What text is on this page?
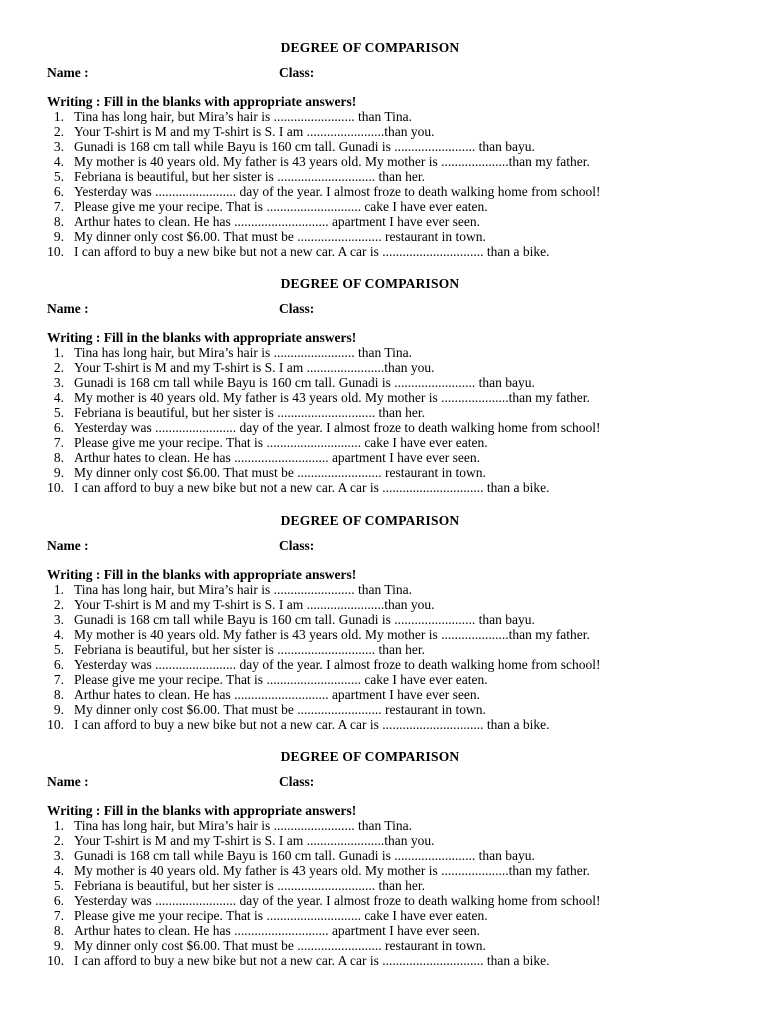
DEGREE OF COMPARISON
Name :	Class:
Writing : Fill in the blanks with appropriate answers!
1. Tina has long hair, but Mira’s hair is ........................ than Tina.
2. Your T-shirt is M and my T-shirt is S. I am .......................than you.
3. Gunadi is 168 cm tall while Bayu is 160 cm tall. Gunadi is ........................ than bayu.
4. My mother is 40 years old. My father is 43 years old. My mother is ....................than my father.
5. Febriana is beautiful, but her sister is ............................. than her.
6. Yesterday was ........................ day of the year. I almost froze to death walking home from school!
7. Please give me your recipe. That is ............................ cake I have ever eaten.
8. Arthur hates to clean. He has ............................ apartment I have ever seen.
9. My dinner only cost $6.00. That must be ......................... restaurant in town.
10. I can afford to buy a new bike but not a new car. A car is .............................. than a bike.
DEGREE OF COMPARISON
Name :	Class:
Writing : Fill in the blanks with appropriate answers!
1. Tina has long hair, but Mira’s hair is ........................ than Tina.
2. Your T-shirt is M and my T-shirt is S. I am .......................than you.
3. Gunadi is 168 cm tall while Bayu is 160 cm tall. Gunadi is ........................ than bayu.
4. My mother is 40 years old. My father is 43 years old. My mother is ....................than my father.
5. Febriana is beautiful, but her sister is ............................. than her.
6. Yesterday was ........................ day of the year. I almost froze to death walking home from school!
7. Please give me your recipe. That is ............................ cake I have ever eaten.
8. Arthur hates to clean. He has ............................ apartment I have ever seen.
9. My dinner only cost $6.00. That must be ......................... restaurant in town.
10. I can afford to buy a new bike but not a new car. A car is .............................. than a bike.
DEGREE OF COMPARISON
Name :	Class:
Writing : Fill in the blanks with appropriate answers!
1. Tina has long hair, but Mira’s hair is ........................ than Tina.
2. Your T-shirt is M and my T-shirt is S. I am .......................than you.
3. Gunadi is 168 cm tall while Bayu is 160 cm tall. Gunadi is ........................ than bayu.
4. My mother is 40 years old. My father is 43 years old. My mother is ....................than my father.
5. Febriana is beautiful, but her sister is ............................. than her.
6. Yesterday was ........................ day of the year. I almost froze to death walking home from school!
7. Please give me your recipe. That is ............................ cake I have ever eaten.
8. Arthur hates to clean. He has ............................ apartment I have ever seen.
9. My dinner only cost $6.00. That must be ......................... restaurant in town.
10. I can afford to buy a new bike but not a new car. A car is .............................. than a bike.
DEGREE OF COMPARISON
Name :	Class:
Writing : Fill in the blanks with appropriate answers!
1. Tina has long hair, but Mira’s hair is ........................ than Tina.
2. Your T-shirt is M and my T-shirt is S. I am .......................than you.
3. Gunadi is 168 cm tall while Bayu is 160 cm tall. Gunadi is ........................ than bayu.
4. My mother is 40 years old. My father is 43 years old. My mother is ....................than my father.
5. Febriana is beautiful, but her sister is ............................. than her.
6. Yesterday was ........................ day of the year. I almost froze to death walking home from school!
7. Please give me your recipe. That is ............................ cake I have ever eaten.
8. Arthur hates to clean. He has ............................ apartment I have ever seen.
9. My dinner only cost $6.00. That must be ......................... restaurant in town.
10. I can afford to buy a new bike but not a new car. A car is .............................. than a bike.
